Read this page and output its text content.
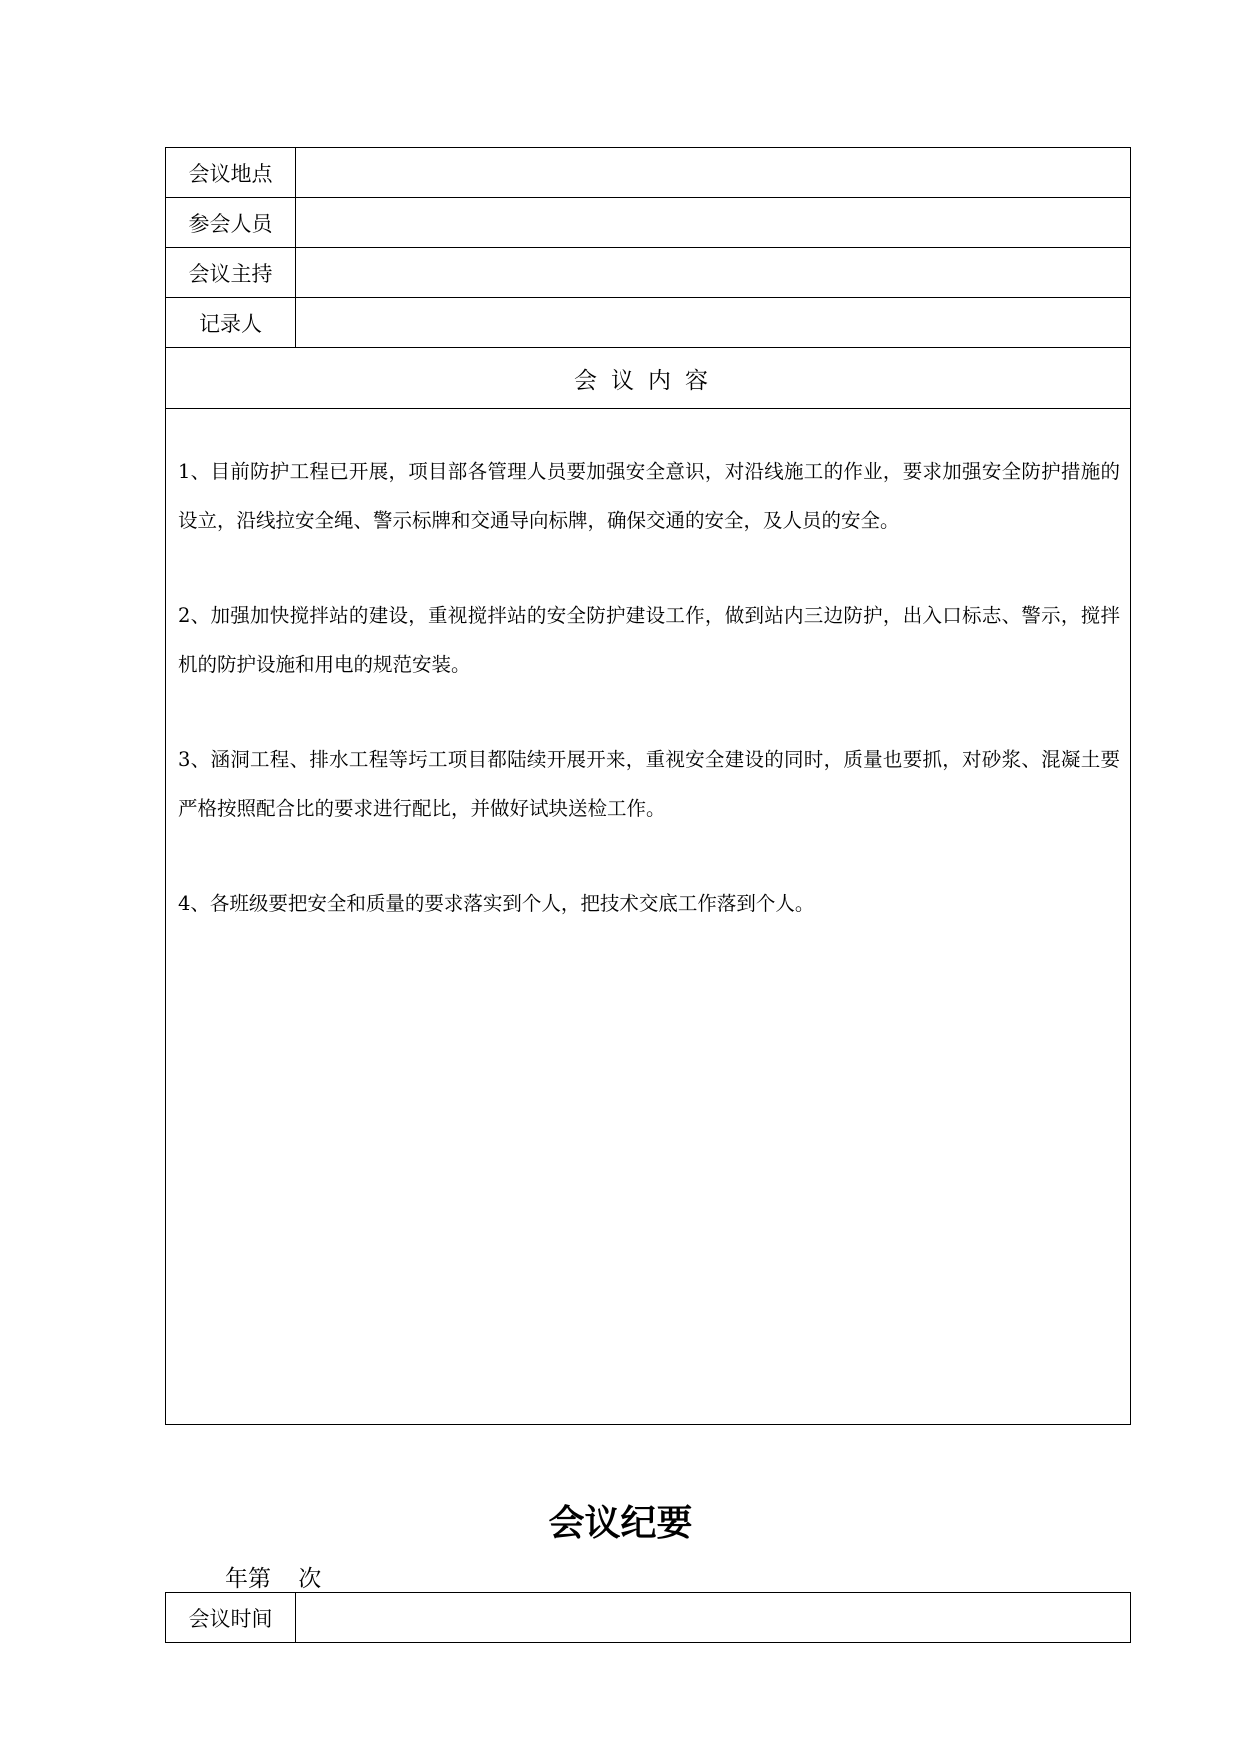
会议地点	
参会人员	
会议主持	
记录人	
会议内容	

1、目前防护工程已开展，项目部各管理人员要加强安全意识，对沿线施工的作业，要求加强安全防护措施的设立，沿线拉安全绳、警示标牌和交通导向标牌，确保交通的安全，及人员的安全。

2、加强加快搅拌站的建设，重视搅拌站的安全防护建设工作，做到站内三边防护，出入口标志、警示，搅拌机的防护设施和用电的规范安装。

3、涵洞工程、排水工程等圬工项目都陆续开展开来，重视安全建设的同时，质量也要抓，对砂浆、混凝土要严格按照配合比的要求进行配比，并做好试块送检工作。

4、各班级要把安全和质量的要求落实到个人，把技术交底工作落到个人。	

会议纪要
年第 次
会议时间	
